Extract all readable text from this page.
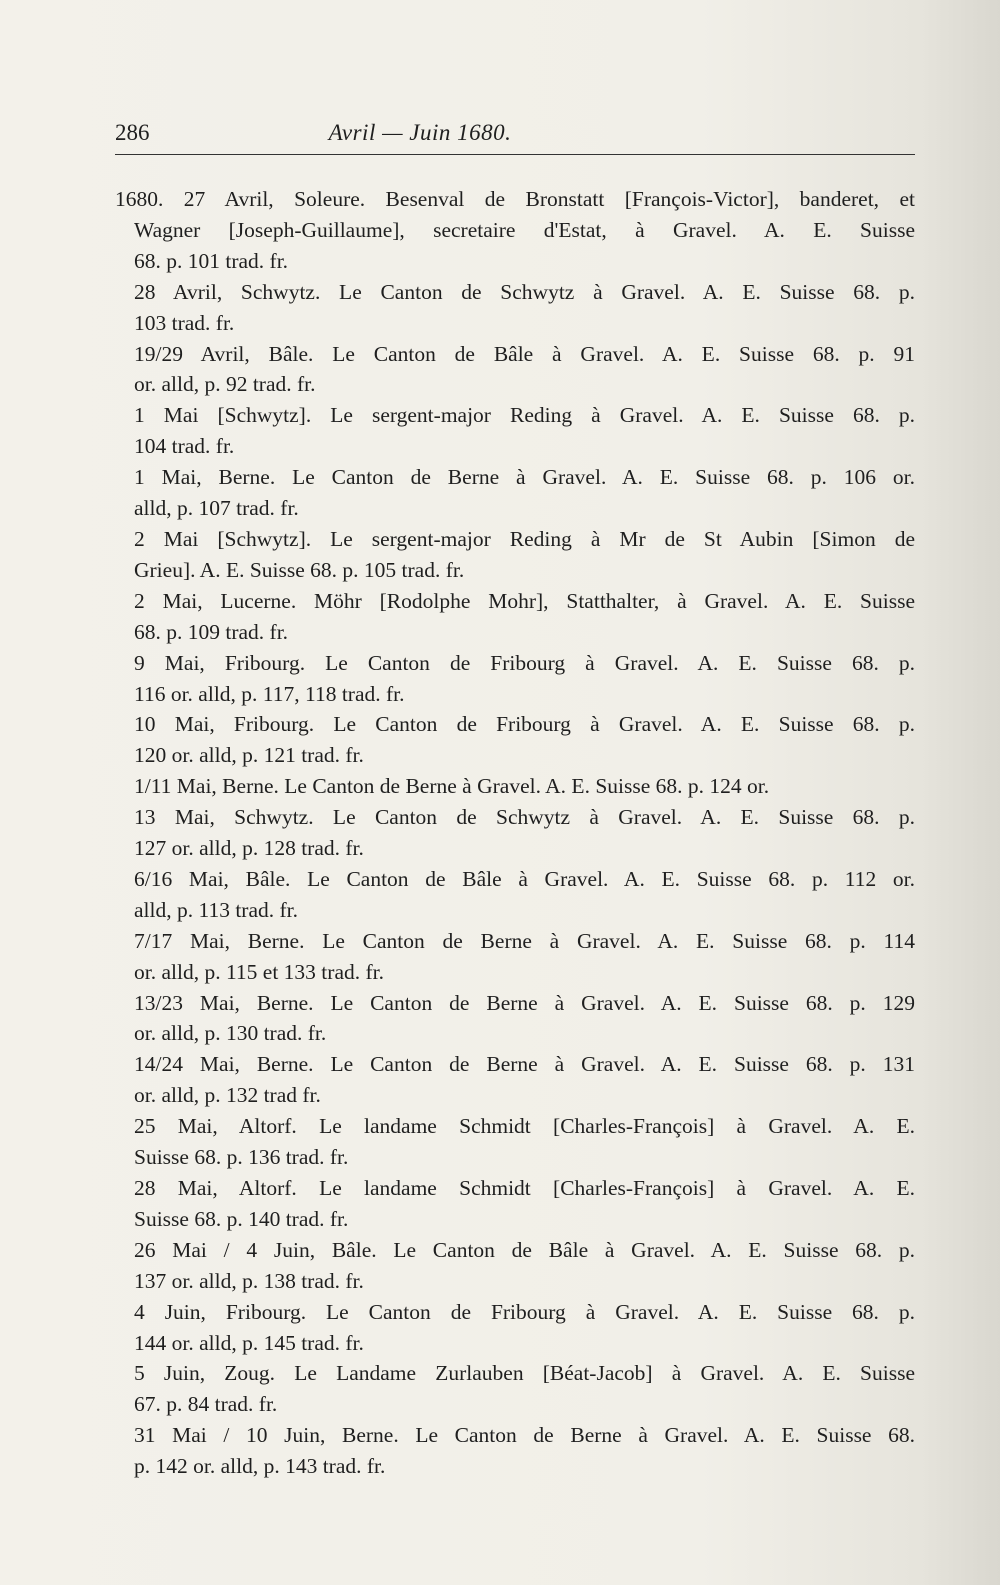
286	Avril — Juin 1680.
1680. 27 Avril, Soleure. Besenval de Bronstatt [François-Victor], banderet, et
Wagner [Joseph-Guillaume], secretaire d'Estat, à Gravel. A. E. Suisse
68. p. 101 trad. fr.
28 Avril, Schwytz. Le Canton de Schwytz à Gravel. A. E. Suisse 68. p.
103 trad. fr.
19/29 Avril, Bâle. Le Canton de Bâle à Gravel. A. E. Suisse 68. p. 91
or. alld, p. 92 trad. fr.
1 Mai [Schwytz]. Le sergent-major Reding à Gravel. A. E. Suisse 68. p.
104 trad. fr.
1 Mai, Berne. Le Canton de Berne à Gravel. A. E. Suisse 68. p. 106 or.
alld, p. 107 trad. fr.
2 Mai [Schwytz]. Le sergent-major Reding à Mr de St Aubin [Simon de
Grieu]. A. E. Suisse 68. p. 105 trad. fr.
2 Mai, Lucerne. Möhr [Rodolphe Mohr], Statthalter, à Gravel. A. E. Suisse
68. p. 109 trad. fr.
9 Mai, Fribourg. Le Canton de Fribourg à Gravel. A. E. Suisse 68. p.
116 or. alld, p. 117, 118 trad. fr.
10 Mai, Fribourg. Le Canton de Fribourg à Gravel. A. E. Suisse 68. p.
120 or. alld, p. 121 trad. fr.
1/11 Mai, Berne. Le Canton de Berne à Gravel. A. E. Suisse 68. p. 124 or.
13 Mai, Schwytz. Le Canton de Schwytz à Gravel. A. E. Suisse 68. p.
127 or. alld, p. 128 trad. fr.
6/16 Mai, Bâle. Le Canton de Bâle à Gravel. A. E. Suisse 68. p. 112 or.
alld, p. 113 trad. fr.
7/17 Mai, Berne. Le Canton de Berne à Gravel. A. E. Suisse 68. p. 114
or. alld, p. 115 et 133 trad. fr.
13/23 Mai, Berne. Le Canton de Berne à Gravel. A. E. Suisse 68. p. 129
or. alld, p. 130 trad. fr.
14/24 Mai, Berne. Le Canton de Berne à Gravel. A. E. Suisse 68. p. 131
or. alld, p. 132 trad fr.
25 Mai, Altorf. Le landame Schmidt [Charles-François] à Gravel. A. E.
Suisse 68. p. 136 trad. fr.
28 Mai, Altorf. Le landame Schmidt [Charles-François] à Gravel. A. E.
Suisse 68. p. 140 trad. fr.
26 Mai / 4 Juin, Bâle. Le Canton de Bâle à Gravel. A. E. Suisse 68. p.
137 or. alld, p. 138 trad. fr.
4 Juin, Fribourg. Le Canton de Fribourg à Gravel. A. E. Suisse 68. p.
144 or. alld, p. 145 trad. fr.
5 Juin, Zoug. Le Landame Zurlauben [Béat-Jacob] à Gravel. A. E. Suisse
67. p. 84 trad. fr.
31 Mai / 10 Juin, Berne. Le Canton de Berne à Gravel. A. E. Suisse 68.
p. 142 or. alld, p. 143 trad. fr.
